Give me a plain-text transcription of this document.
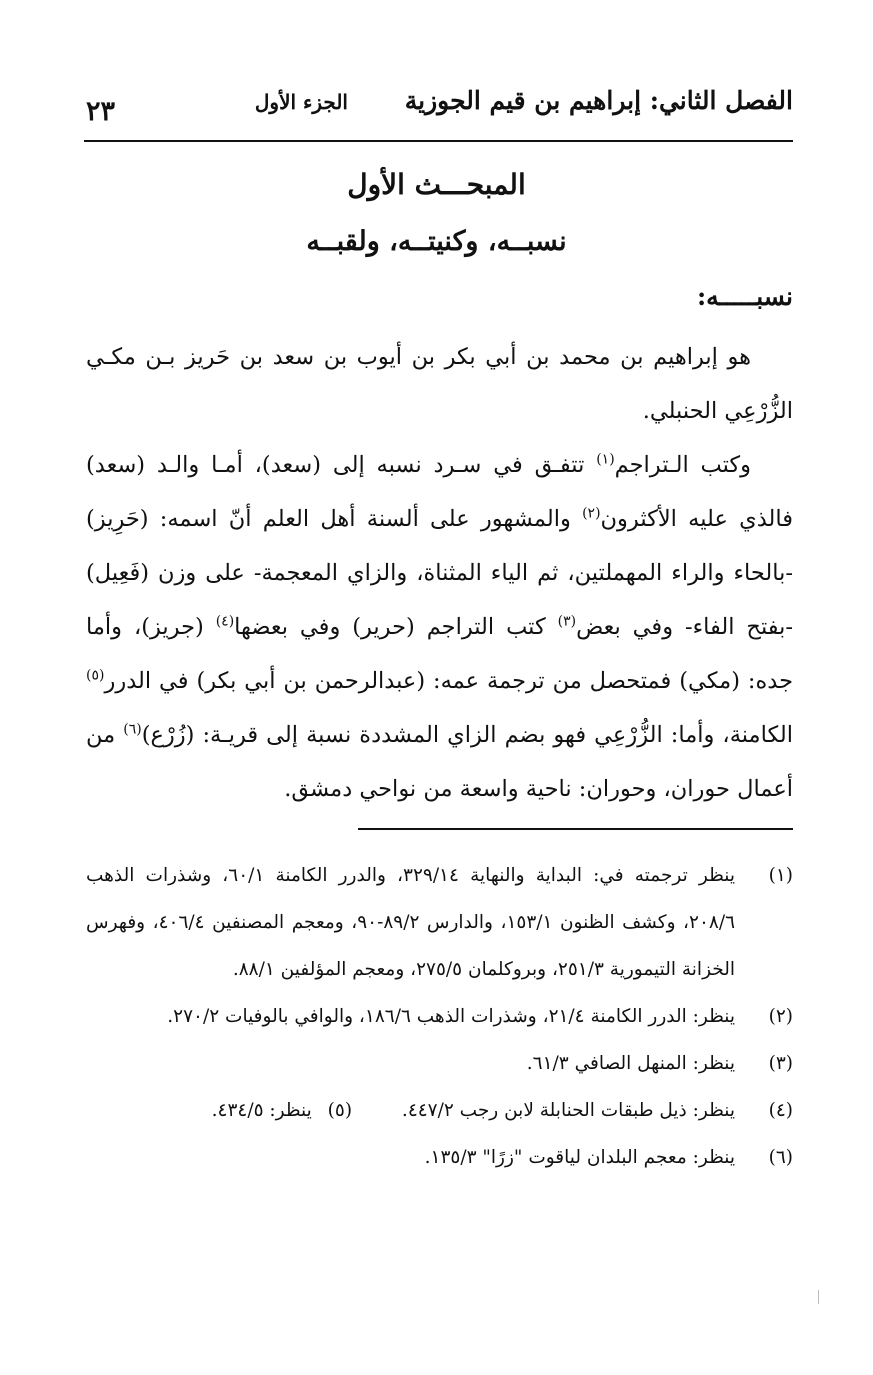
الفصل الثاني: إبراهيم بن قيم الجوزية
الجزء الأول
٢٣
المبحـــث الأول
نسبــه، وكنيتــه، ولقبــه
نسبـــــه:

هو إبراهيم بن محمد بن أبي بكر بن أيوب بن سعد بن حَريز بـن مكـي الزُّرْعِي الحنبلي.

وكتب الـتراجم$^{(١)}$ تتفـق في سـرد نسبه إلى (سعد)، أمـا والـد (سعد) فالذي عليه الأكثرون$^{(٢)}$ والمشهور على ألسنة أهل العلم أنّ اسمه: (حَرِيز) -بالحاء والراء المهملتين، ثم الياء المثناة، والزاي المعجمة- على وزن (فَعِيل) -بفتح الفاء- وفي بعض$^{(٣)}$ كتب التراجم (حرير) وفي بعضها$^{(٤)}$ (جريز)، وأما جده: (مكي) فمتحصل من ترجمة عمه: (عبدالرحمن بن أبي بكر) في الدرر$^{(٥)}$ الكامنة، وأما: الزُّرْعِي فهو بضم الزاي المشددة نسبة إلى قريـة: (زُرْع)$^{(٦)}$ من أعمال حوران، وحوران: ناحية واسعة من نواحي دمشق.

(١)
ينظر ترجمته في: البداية والنهاية ٣٢٩/١٤، والدرر الكامنة ٦٠/١، وشذرات الذهب ٢٠٨/٦، وكشف الظنون ١٥٣/١، والدارس ٨٩/٢-٩٠، ومعجم المصنفين ٤٠٦/٤، وفهرس الخزانة التيمورية ٢٥١/٣، وبروكلمان ٢٧٥/٥، ومعجم المؤلفين ٨٨/١.
(٢)
ينظر: الدرر الكامنة ٢١/٤، وشذرات الذهب ١٨٦/٦، والوافي بالوفيات ٢٧٠/٢.
(٣)
ينظر: المنهل الصافي ٦١/٣.
(٤)
ينظر: ذيل طبقات الحنابلة لابن رجب ٤٤٧/٢. (٥) ينظر: ٤٣٤/٥.
(٦)
ينظر: معجم البلدان لياقوت "زرًا" ١٣٥/٣.
